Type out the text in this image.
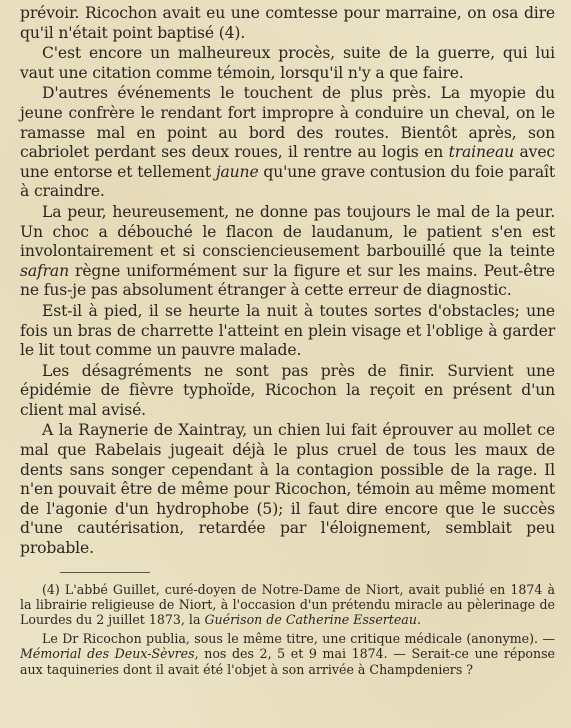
prévoir. Ricochon avait eu une comtesse pour marraine, on osa dire qu'il n'était point baptisé (4).

C'est encore un malheureux procès, suite de la guerre, qui lui vaut une citation comme témoin, lorsqu'il n'y a que faire.

D'autres événements le touchent de plus près. La myopie du jeune confrère le rendant fort impropre à conduire un cheval, on le ramasse mal en point au bord des routes. Bientôt après, son cabriolet perdant ses deux roues, il rentre au logis en traineau avec une entorse et tellement jaune qu'une grave contusion du foie paraît à craindre.

La peur, heureusement, ne donne pas toujours le mal de la peur. Un choc a débouché le flacon de laudanum, le patient s'en est involontairement et si consciencieusement barbouillé que la teinte safran règne uniformément sur la figure et sur les mains. Peut-être ne fus-je pas absolument étranger à cette erreur de diagnostic.

Est-il à pied, il se heurte la nuit à toutes sortes d'obstacles; une fois un bras de charrette l'atteint en plein visage et l'oblige à garder le lit tout comme un pauvre malade.

Les désagréments ne sont pas près de finir. Survient une épidémie de fièvre typhoïde, Ricochon la reçoit en présent d'un client mal avisé.

A la Raynerie de Xaintray, un chien lui fait éprouver au mollet ce mal que Rabelais jugeait déjà le plus cruel de tous les maux de dents sans songer cependant à la contagion possible de la rage. Il n'en pouvait être de même pour Ricochon, témoin au même moment de l'agonie d'un hydrophobe (5); il faut dire encore que le succès d'une cautérisation, retardée par l'éloignement, semblait peu probable.

(4) L'abbé Guillet, curé-doyen de Notre-Dame de Niort, avait publié en 1874 à la librairie religieuse de Niort, à l'occasion d'un prétendu miracle au pèlerinage de Lourdes du 2 juillet 1873, la Guérison de Catherine Esserteau.

Le Dr Ricochon publia, sous le même titre, une critique médicale (anonyme). — Mémorial des Deux-Sèvres, nos des 2, 5 et 9 mai 1874. — Serait-ce une réponse aux taquineries dont il avait été l'objet à son arrivée à Champdeniers ?
